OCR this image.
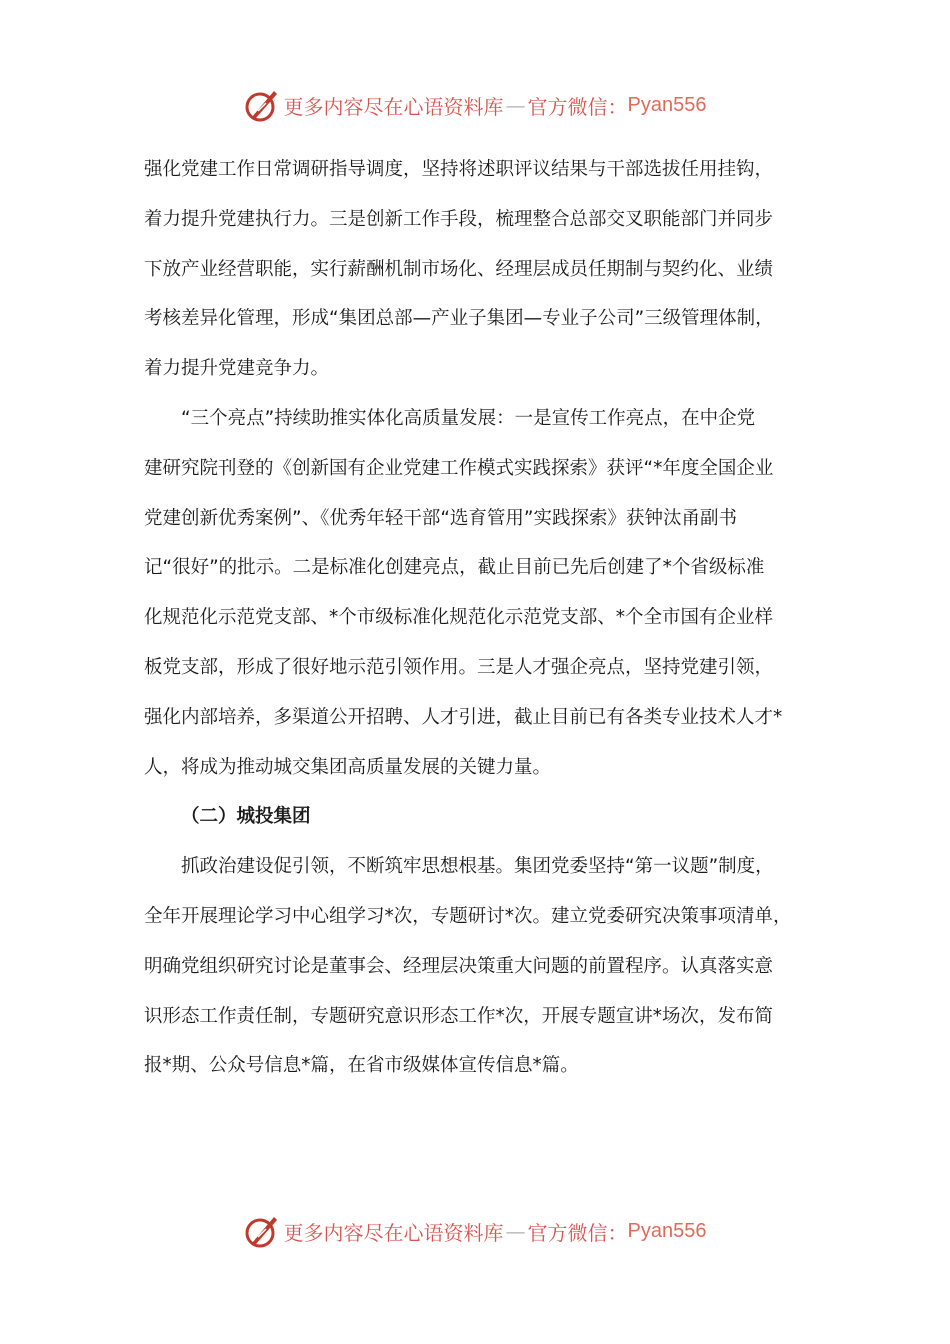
更多内容尽在心语资料库 — 官方微信： Pyan556

强化党建工作日常调研指导调度，坚持将述职评议结果与干部选拔任用挂钩，
着力提升党建执行力。三是创新工作手段，梳理整合总部交叉职能部门并同步
下放产业经营职能，实行薪酬机制市场化、经理层成员任期制与契约化、业绩
考核差异化管理，形成“集团总部—产业子集团—专业子公司”三级管理体制，
着力提升党建竞争力。

“三个亮点”持续助推实体化高质量发展：一是宣传工作亮点，在中企党
建研究院刊登的《创新国有企业党建工作模式实践探索》获评“*年度全国企业
党建创新优秀案例”、《优秀年轻干部“选育管用”实践探索》获钟汰甬副书
记“很好”的批示。二是标准化创建亮点，截止目前已先后创建了*个省级标准
化规范化示范党支部、*个市级标准化规范化示范党支部、*个全市国有企业样
板党支部，形成了很好地示范引领作用。三是人才强企亮点，坚持党建引领，
强化内部培养，多渠道公开招聘、人才引进，截止目前已有各类专业技术人才*
人，将成为推动城交集团高质量发展的关键力量。

（二）城投集团

抓政治建设促引领，不断筑牢思想根基。集团党委坚持“第一议题”制度，
全年开展理论学习中心组学习*次，专题研讨*次。建立党委研究决策事项清单，
明确党组织研究讨论是董事会、经理层决策重大问题的前置程序。认真落实意
识形态工作责任制，专题研究意识形态工作*次，开展专题宣讲*场次，发布简
报*期、公众号信息*篇，在省市级媒体宣传信息*篇。

更多内容尽在心语资料库 — 官方微信： Pyan556
